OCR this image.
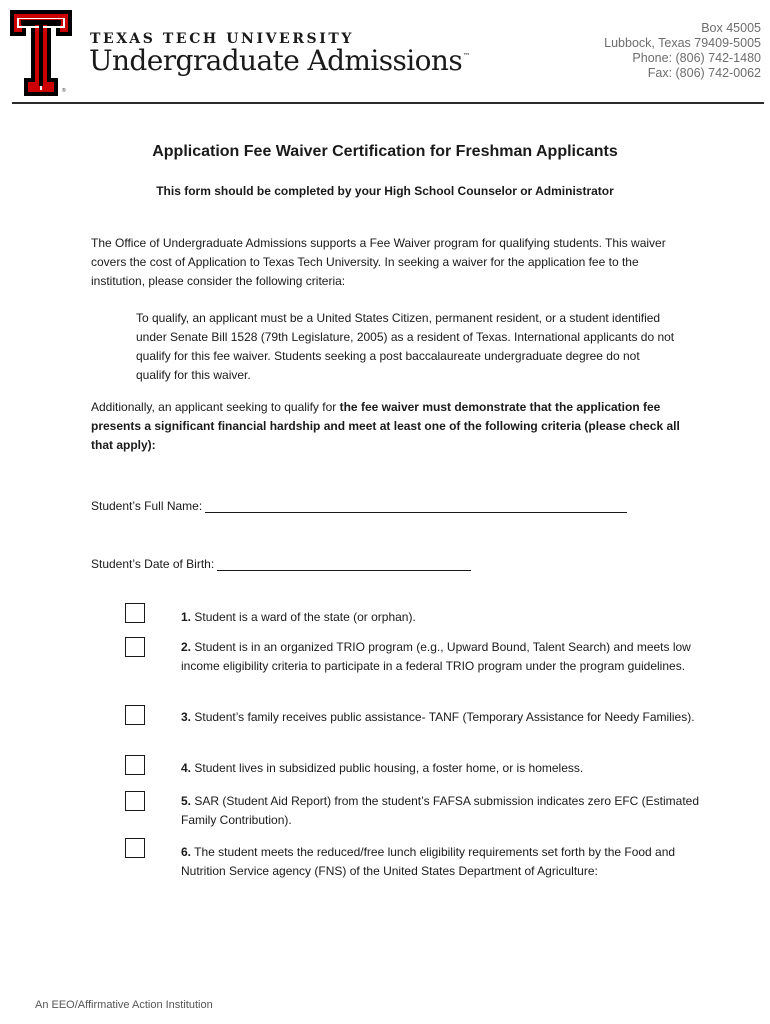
®
TEXAS TECH UNIVERSITY
Undergraduate Admissions™
Box 45005
Lubbock, Texas 79409-5005
Phone: (806) 742-1480
Fax: (806) 742-0062
Application Fee Waiver Certification for Freshman Applicants
This form should be completed by your High School Counselor or Administrator
The Office of Undergraduate Admissions supports a Fee Waiver program for qualifying students. This waiver covers the cost of Application to Texas Tech University. In seeking a waiver for the application fee to the institution, please consider the following criteria:
To qualify, an applicant must be a United States Citizen, permanent resident, or a student identified under Senate Bill 1528 (79th Legislature, 2005) as a resident of Texas. International applicants do not qualify for this fee waiver. Students seeking a post baccalaureate undergraduate degree do not qualify for this waiver.
Additionally, an applicant seeking to qualify for the fee waiver must demonstrate that the application fee presents a significant financial hardship and meet at least one of the following criteria (please check all that apply):
Student’s Full Name:
Student’s Date of Birth:
1. Student is a ward of the state (or orphan).
2. Student is in an organized TRIO program (e.g., Upward Bound, Talent Search) and meets low income eligibility criteria to participate in a federal TRIO program under the program guidelines.
3. Student’s family receives public assistance- TANF (Temporary Assistance for Needy Families).
4. Student lives in subsidized public housing, a foster home, or is homeless.
5. SAR (Student Aid Report) from the student’s FAFSA submission indicates zero EFC (Estimated Family Contribution).
6. The student meets the reduced/free lunch eligibility requirements set forth by the Food and Nutrition Service agency (FNS) of the United States Department of Agriculture:
An EEO/Affirmative Action Institution
